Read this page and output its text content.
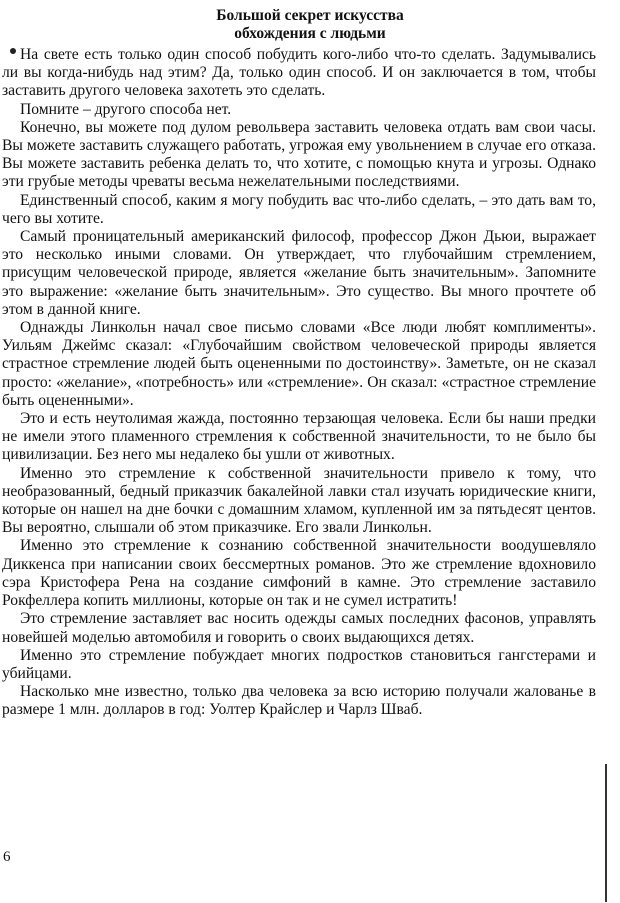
Большой секрет искусства
обхождения с людьми

На свете есть только один способ побудить кого-либо что-то сделать. Задумывались ли вы когда-нибудь над этим? Да, только один способ. И он заключается в том, чтобы заставить другого человека захотеть это сделать.

Помните – другого способа нет.

Конечно, вы можете под дулом револьвера заставить человека отдать вам свои часы. Вы можете заставить служащего работать, угрожая ему увольнением в случае его отказа. Вы можете заставить ребенка делать то, что хотите, с помощью кнута и угрозы. Однако эти грубые методы чреваты весьма нежелательными последствиями.

Единственный способ, каким я могу побудить вас что-либо сделать, – это дать вам то, чего вы хотите.

Самый проницательный американский философ, профессор Джон Дьюи, выражает это несколько иными словами. Он утверждает, что глубочайшим стремлением, присущим человеческой природе, является «желание быть значительным». Запомните это выражение: «желание быть значительным». Это существо. Вы много прочтете об этом в данной книге.

Однажды Линкольн начал свое письмо словами «Все люди любят комплименты». Уильям Джеймс сказал: «Глубочайшим свойством человеческой природы является страстное стремление людей быть оцененными по достоинству». Заметьте, он не сказал просто: «желание», «потребность» или «стремление». Он сказал: «страстное стремление быть оцененными».

Это и есть неутолимая жажда, постоянно терзающая человека. Если бы наши предки не имели этого пламенного стремления к собственной значительности, то не было бы цивилизации. Без него мы недалеко бы ушли от животных.

Именно это стремление к собственной значительности привело к тому, что необразованный, бедный приказчик бакалейной лавки стал изучать юридические книги, которые он нашел на дне бочки с домашним хламом, купленной им за пятьдесят центов. Вы вероятно, слышали об этом приказчике. Его звали Линкольн.

Именно это стремление к сознанию собственной значительности воодушевляло Диккенса при написании своих бессмертных романов. Это же стремление вдохновило сэра Кристофера Рена на создание симфоний в камне. Это стремление заставило Рокфеллера копить миллионы, которые он так и не сумел истратить!

Это стремление заставляет вас носить одежды самых последних фасонов, управлять новейшей моделью автомобиля и говорить о своих выдающихся детях.

Именно это стремление побуждает многих подростков становиться гангстерами и убийцами.

Насколько мне известно, только два человека за всю историю получали жалованье в размере 1 млн. долларов в год: Уолтер Крайслер и Чарлз Шваб.

6
